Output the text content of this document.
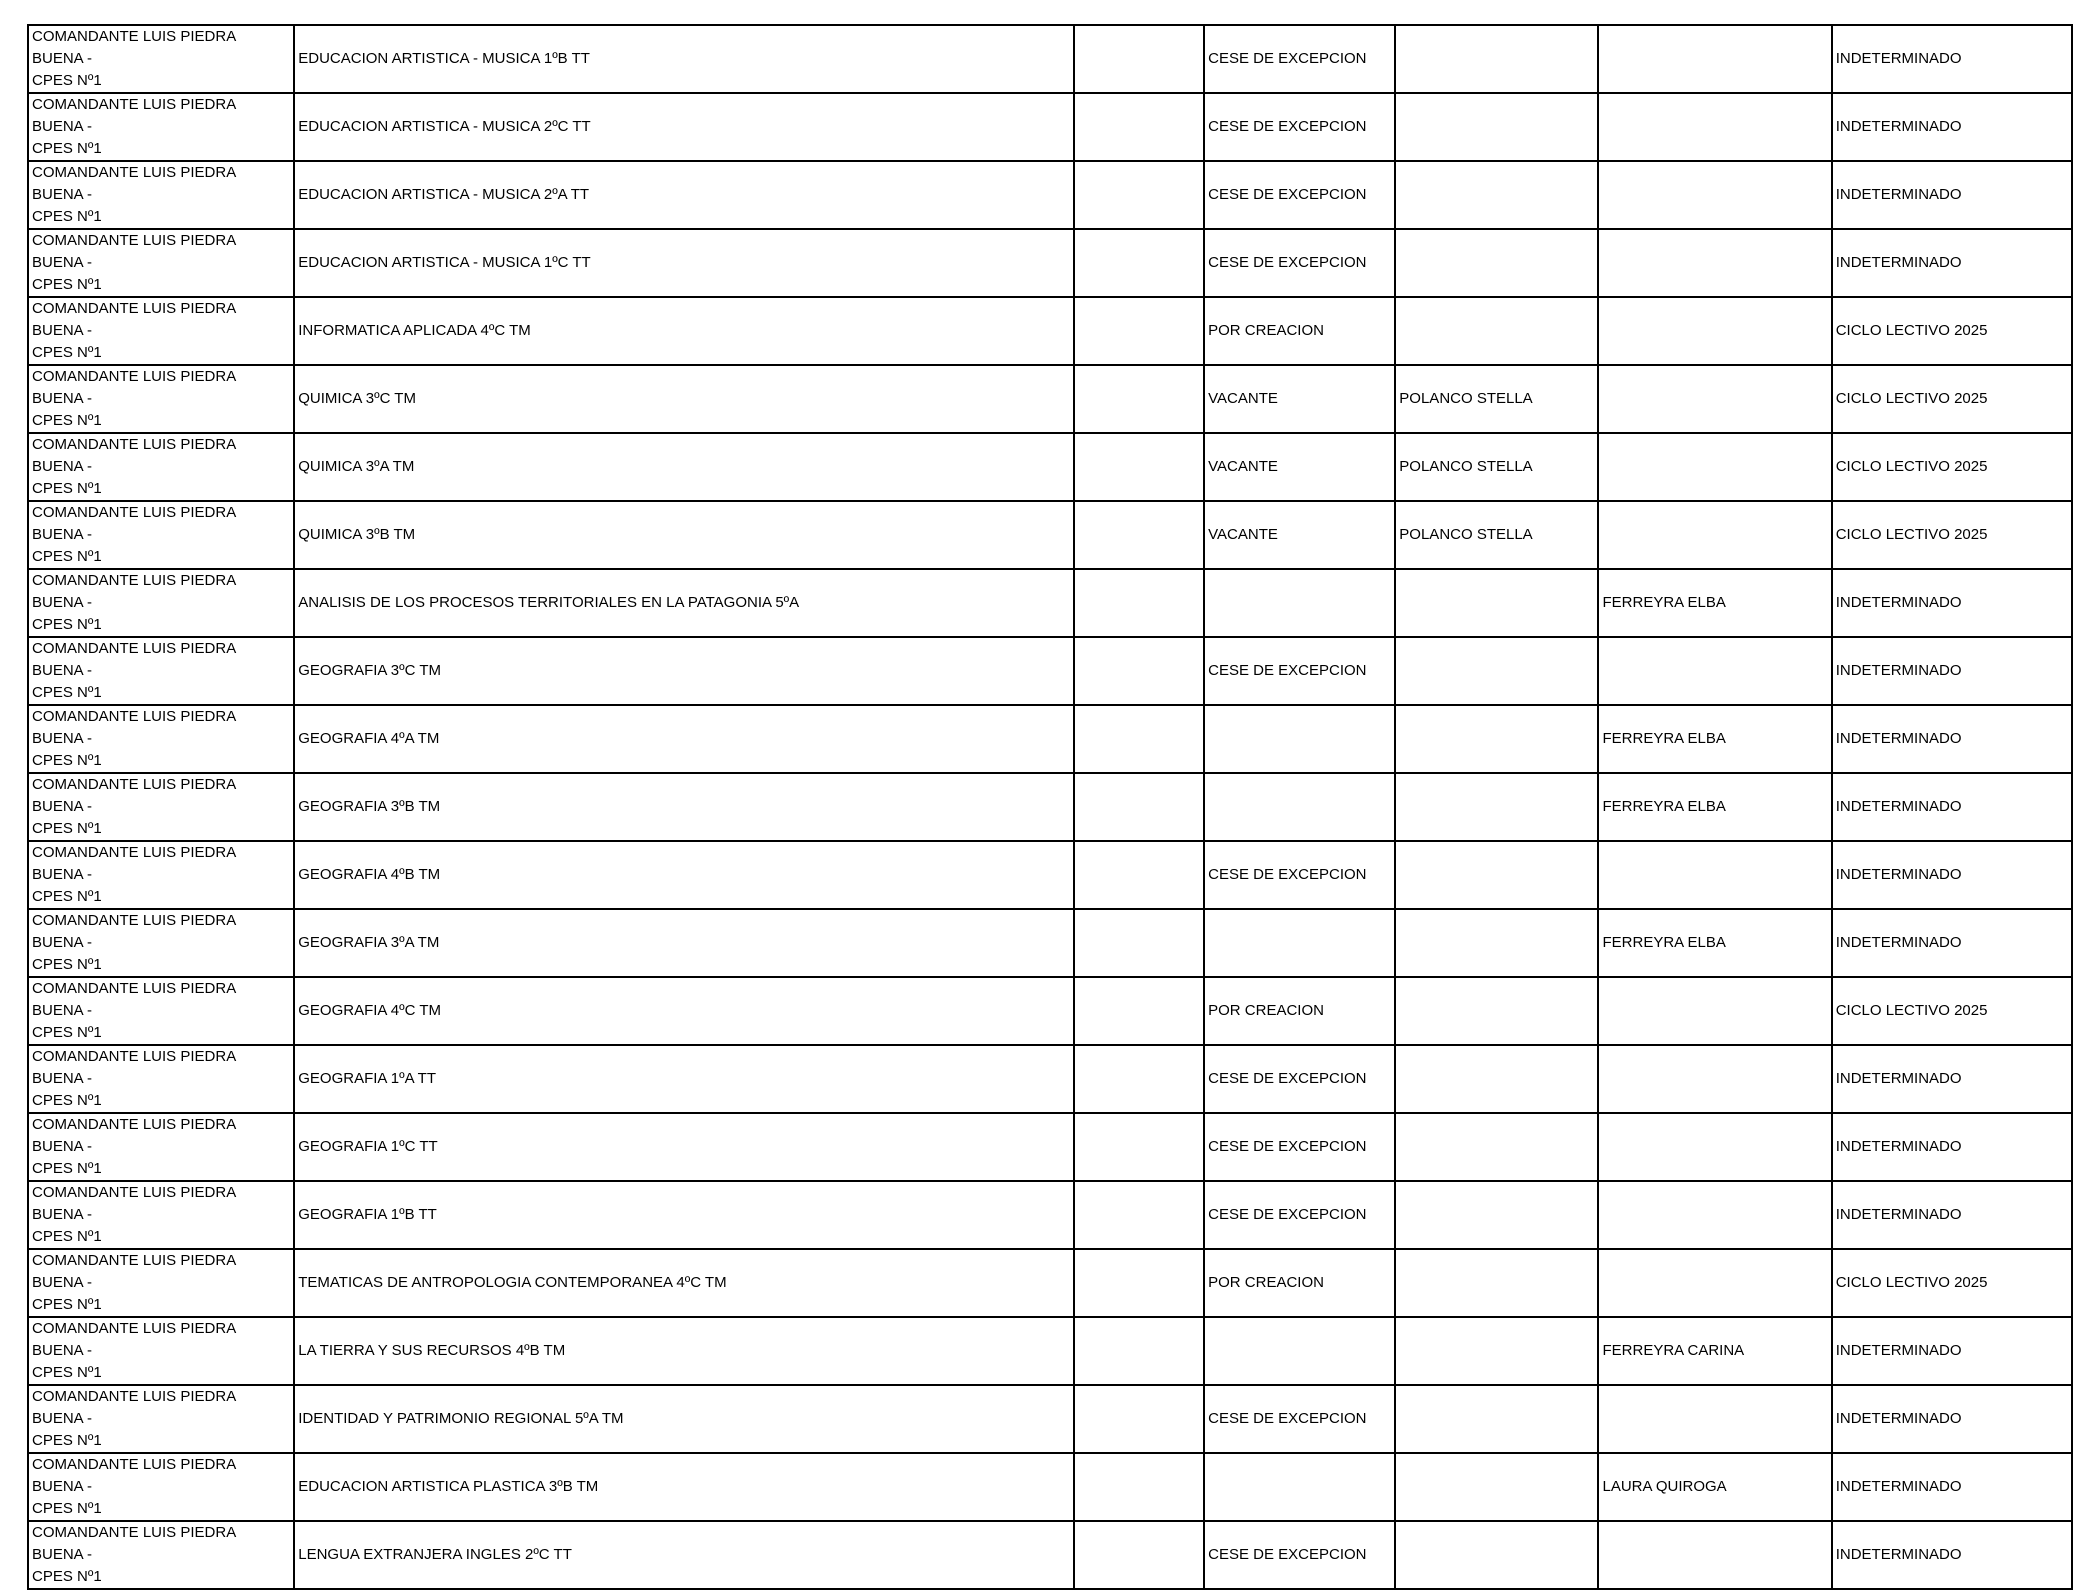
COMANDANTE LUIS PIEDRA BUENA -
CPES Nº1	EDUCACION ARTISTICA - MUSICA 1ºB TT		CESE DE EXCEPCION			INDETERMINADO

COMANDANTE LUIS PIEDRA BUENA -
CPES Nº1	EDUCACION ARTISTICA - MUSICA 2ºC TT		CESE DE EXCEPCION			INDETERMINADO

COMANDANTE LUIS PIEDRA BUENA -
CPES Nº1	EDUCACION ARTISTICA - MUSICA 2ºA TT		CESE DE EXCEPCION			INDETERMINADO

COMANDANTE LUIS PIEDRA BUENA -
CPES Nº1	EDUCACION ARTISTICA - MUSICA 1ºC TT		CESE DE EXCEPCION			INDETERMINADO

COMANDANTE LUIS PIEDRA BUENA -
CPES Nº1	INFORMATICA APLICADA 4ºC TM		POR CREACION			CICLO LECTIVO 2025

COMANDANTE LUIS PIEDRA BUENA -
CPES Nº1	QUIMICA 3ºC TM		VACANTE	POLANCO STELLA		CICLO LECTIVO 2025

COMANDANTE LUIS PIEDRA BUENA -
CPES Nº1	QUIMICA 3ºA TM		VACANTE	POLANCO STELLA		CICLO LECTIVO 2025

COMANDANTE LUIS PIEDRA BUENA -
CPES Nº1	QUIMICA 3ºB TM		VACANTE	POLANCO STELLA		CICLO LECTIVO 2025

COMANDANTE LUIS PIEDRA BUENA -
CPES Nº1	ANALISIS DE LOS PROCESOS TERRITORIALES EN LA PATAGONIA 5ºA				FERREYRA ELBA	INDETERMINADO

COMANDANTE LUIS PIEDRA BUENA -
CPES Nº1	GEOGRAFIA 3ºC TM		CESE DE EXCEPCION			INDETERMINADO

COMANDANTE LUIS PIEDRA BUENA -
CPES Nº1	GEOGRAFIA 4ºA TM				FERREYRA ELBA	INDETERMINADO

COMANDANTE LUIS PIEDRA BUENA -
CPES Nº1	GEOGRAFIA 3ºB TM				FERREYRA ELBA	INDETERMINADO

COMANDANTE LUIS PIEDRA BUENA -
CPES Nº1	GEOGRAFIA 4ºB TM		CESE DE EXCEPCION			INDETERMINADO

COMANDANTE LUIS PIEDRA BUENA -
CPES Nº1	GEOGRAFIA 3ºA TM				FERREYRA ELBA	INDETERMINADO

COMANDANTE LUIS PIEDRA BUENA -
CPES Nº1	GEOGRAFIA 4ºC TM		POR CREACION			CICLO LECTIVO 2025

COMANDANTE LUIS PIEDRA BUENA -
CPES Nº1	GEOGRAFIA 1ºA TT		CESE DE EXCEPCION			INDETERMINADO

COMANDANTE LUIS PIEDRA BUENA -
CPES Nº1	GEOGRAFIA 1ºC TT		CESE DE EXCEPCION			INDETERMINADO

COMANDANTE LUIS PIEDRA BUENA -
CPES Nº1	GEOGRAFIA 1ºB TT		CESE DE EXCEPCION			INDETERMINADO

COMANDANTE LUIS PIEDRA BUENA -
CPES Nº1	TEMATICAS DE ANTROPOLOGIA CONTEMPORANEA 4ºC TM		POR CREACION			CICLO LECTIVO 2025

COMANDANTE LUIS PIEDRA BUENA -
CPES Nº1	LA TIERRA Y SUS RECURSOS 4ºB TM				FERREYRA CARINA	INDETERMINADO

COMANDANTE LUIS PIEDRA BUENA -
CPES Nº1	IDENTIDAD Y PATRIMONIO REGIONAL 5ºA TM		CESE DE EXCEPCION			INDETERMINADO

COMANDANTE LUIS PIEDRA BUENA -
CPES Nº1	EDUCACION ARTISTICA PLASTICA 3ºB TM				LAURA QUIROGA	INDETERMINADO

COMANDANTE LUIS PIEDRA BUENA -
CPES Nº1	LENGUA EXTRANJERA INGLES 2ºC TT		CESE DE EXCEPCION			INDETERMINADO
